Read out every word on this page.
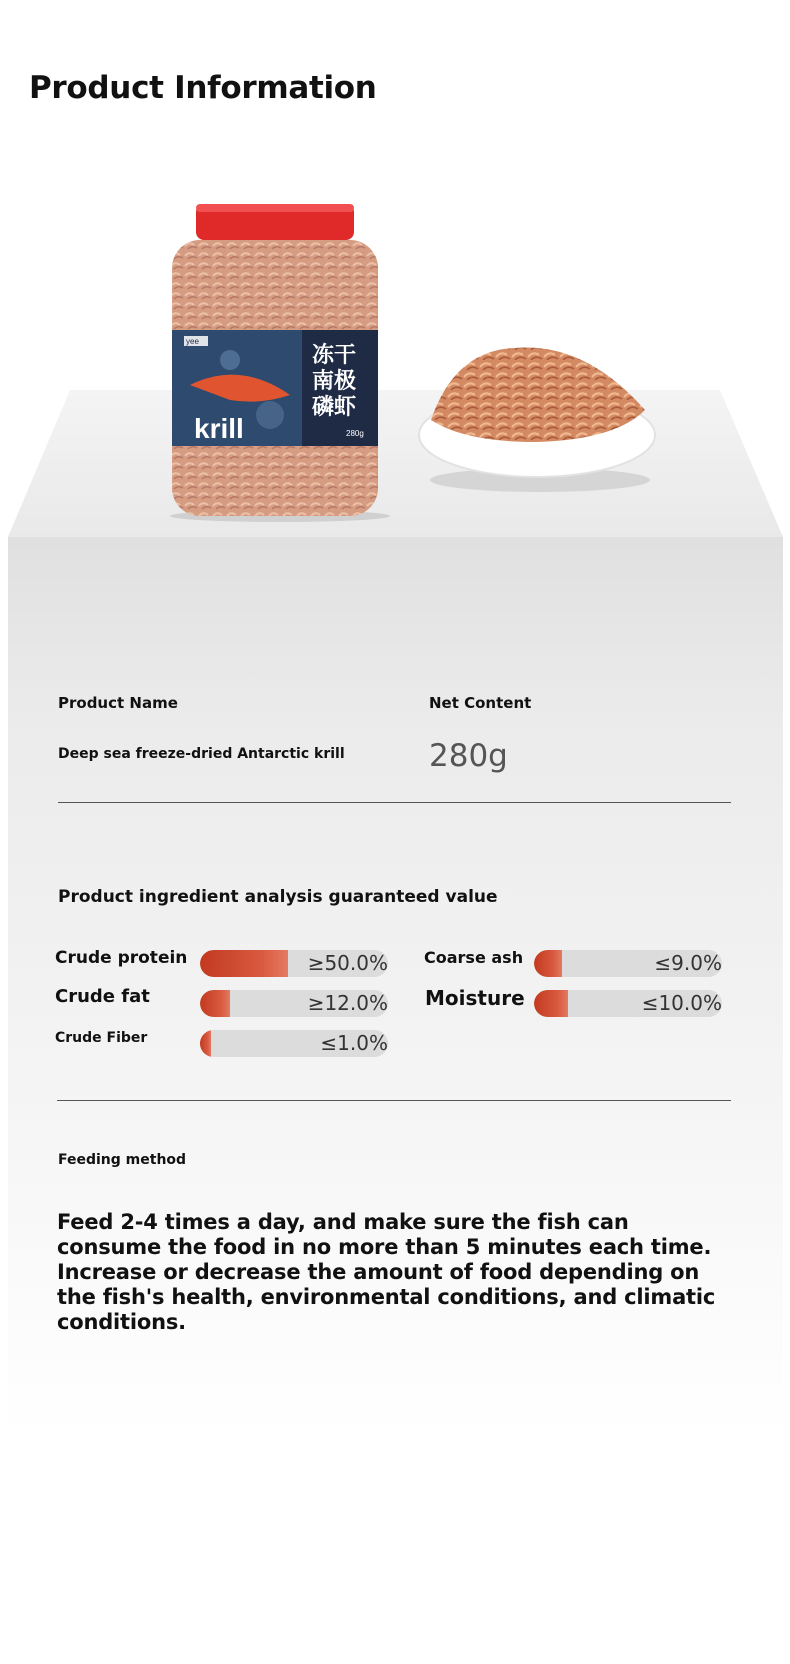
Product Information
yee
krill
冻干
南极
磷虾
280g
Product Name	Net Content
Deep sea freeze-dried Antarctic krill	280g
Product ingredient analysis guaranteed value
Crude protein	≥50.0%
Crude fat	≥12.0%
Crude Fiber	≤1.0%
Coarse ash	≤9.0%
Moisture	≤10.0%
Feeding method
Feed 2-4 times a day, and make sure the fish can consume the food in no more than 5 minutes each time. Increase or decrease the amount of food depending on the fish's health, environmental conditions, and climatic conditions.
